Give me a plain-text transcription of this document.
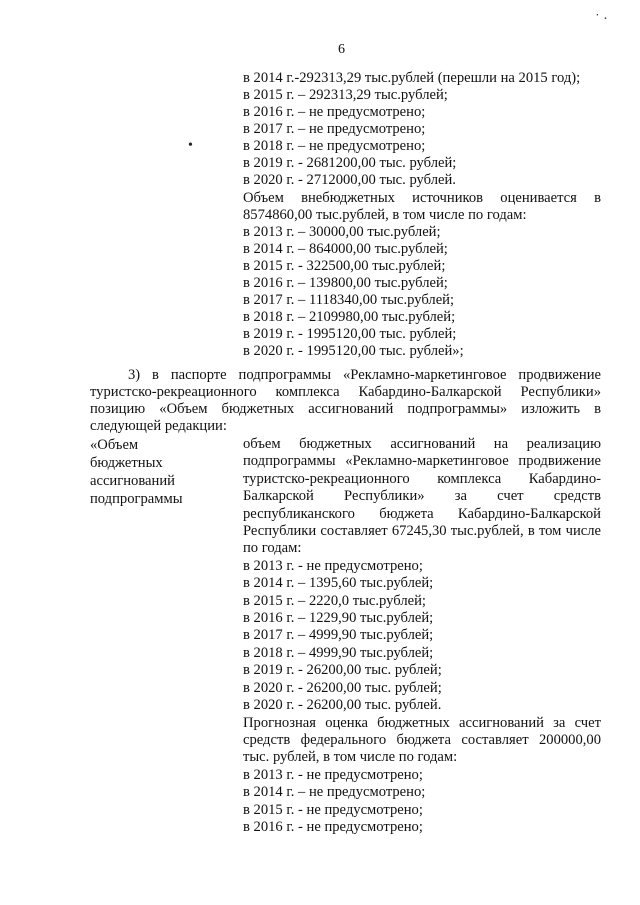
6
˙ ·
•
в 2014 г.-292313,29 тыс.рублей (перешли на 2015 год);
в 2015 г. – 292313,29 тыс.рублей;
в 2016 г. – не предусмотрено;
в 2017 г. – не предусмотрено;
в 2018 г. – не предусмотрено;
в 2019 г. - 2681200,00 тыс. рублей;
в 2020 г. - 2712000,00 тыс. рублей.
Объем внебюджетных источников оценивается в 8574860,00 тыс.рублей, в том числе по годам:
в 2013 г. – 30000,00 тыс.рублей;
в 2014 г. – 864000,00 тыс.рублей;
в 2015 г. - 322500,00 тыс.рублей;
в 2016 г. – 139800,00 тыс.рублей;
в 2017 г. – 1118340,00 тыс.рублей;
в 2018 г. – 2109980,00 тыс.рублей;
в 2019 г. - 1995120,00 тыс. рублей;
в 2020 г. - 1995120,00 тыс. рублей»;
3) в паспорте подпрограммы «Рекламно-маркетинговое продвижение туристско-рекреационного комплекса Кабардино-Балкарской Республики» позицию «Объем бюджетных ассигнований подпрограммы» изложить в следующей редакции:
«Объем
бюджетных
ассигнований
подпрограммы
объем бюджетных ассигнований на реализацию подпрограммы «Рекламно-маркетинговое продвижение туристско-рекреационного комплекса Кабардино-Балкарской Республики» за счет средств республиканского бюджета Кабардино-Балкарской Республики составляет 67245,30 тыс.рублей, в том числе по годам:
в 2013 г. - не предусмотрено;
в 2014 г. – 1395,60 тыс.рублей;
в 2015 г. – 2220,0 тыс.рублей;
в 2016 г. – 1229,90 тыс.рублей;
в 2017 г. – 4999,90 тыс.рублей;
в 2018 г. – 4999,90 тыс.рублей;
в 2019 г. - 26200,00 тыс. рублей;
в 2020 г. - 26200,00 тыс. рублей;
в 2020 г. - 26200,00 тыс. рублей.
Прогнозная оценка бюджетных ассигнований за счет средств федерального бюджета составляет 200000,00 тыс. рублей, в том числе по годам:
в 2013 г. - не предусмотрено;
в 2014 г. – не предусмотрено;
в 2015 г. - не предусмотрено;
в 2016 г. - не предусмотрено;
